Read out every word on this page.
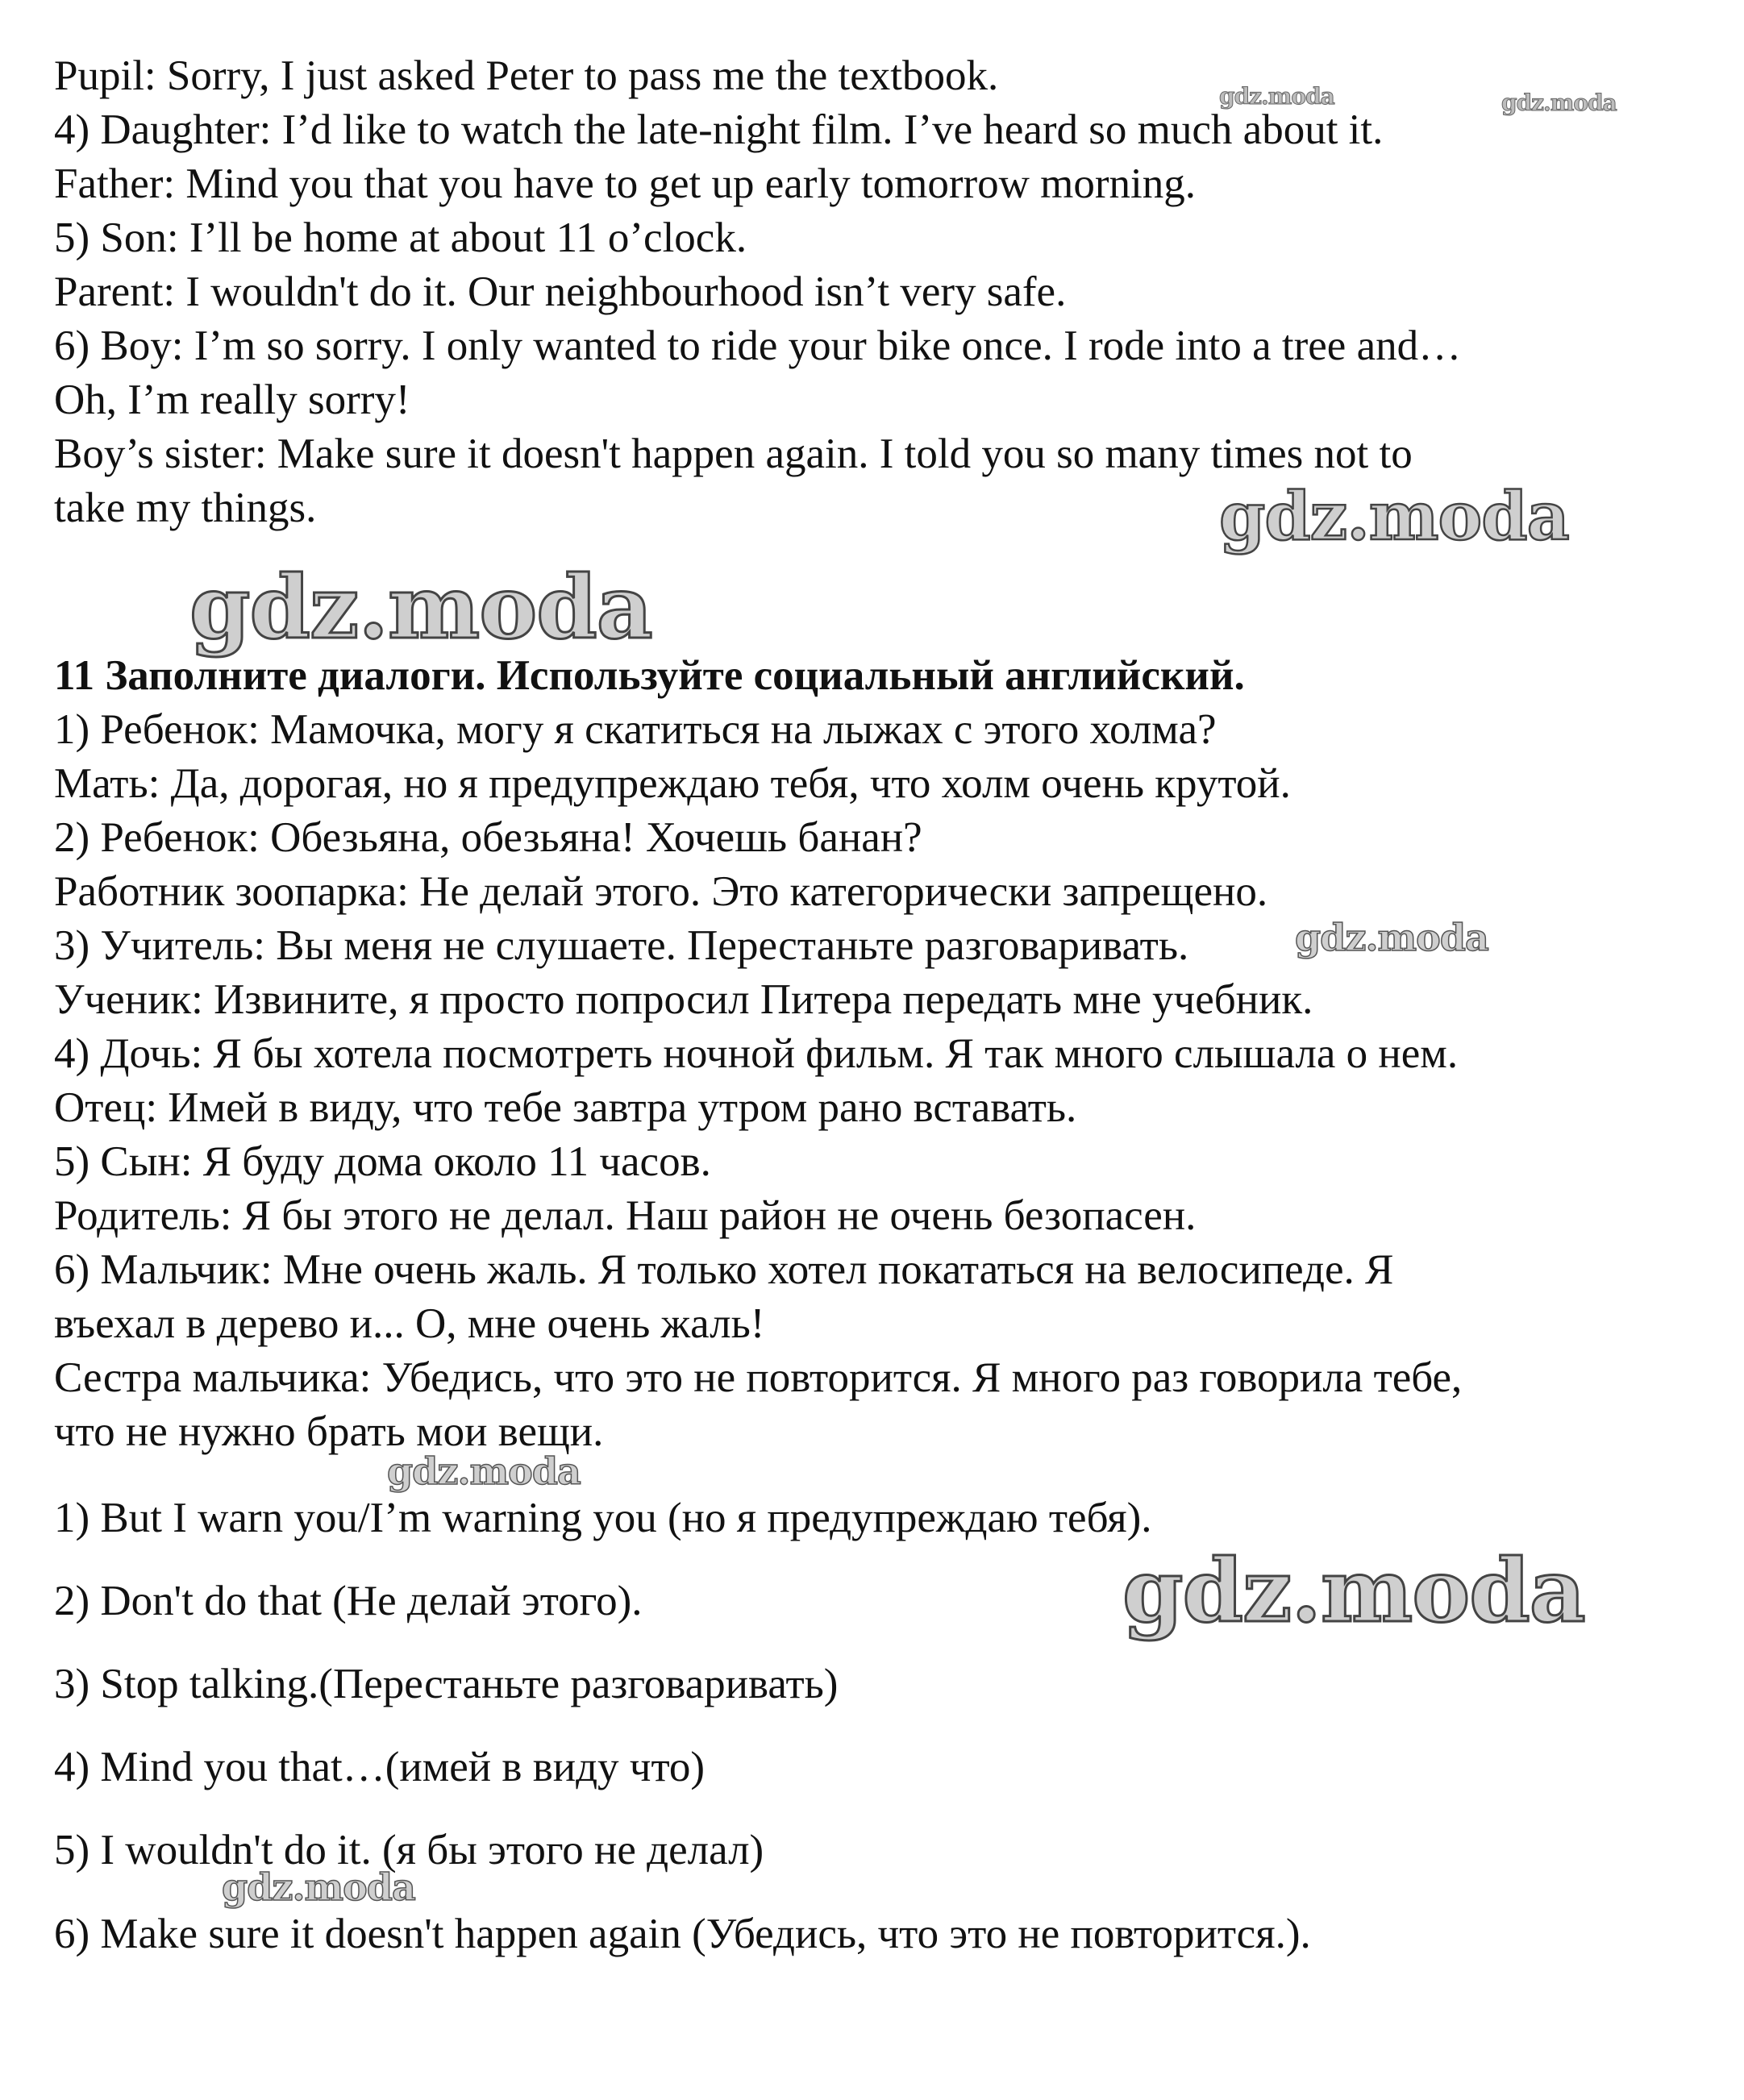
Pupil: Sorry, I just asked Peter to pass me the textbook.
4) Daughter: I’d like to watch the late-night film. I’ve heard so much about it.
Father: Mind you that you have to get up early tomorrow morning.
5) Son: I’ll be home at about 11 o’clock.
Parent: I wouldn't do it. Our neighbourhood isn’t very safe.
6) Boy: I’m so sorry. I only wanted to ride your bike once. I rode into a tree and…
Oh, I’m really sorry!
Boy’s sister: Make sure it doesn't happen again. I told you so many times not to
take my things.
11 Заполните диалоги. Используйте социальный английский.
1) Ребенок: Мамочка, могу я скатиться на лыжах с этого холма?
Мать: Да, дорогая, но я предупреждаю тебя, что холм очень крутой.
2) Ребенок: Обезьяна, обезьяна! Хочешь банан?
Работник зоопарка: Не делай этого. Это категорически запрещено.
3) Учитель: Вы меня не слушаете. Перестаньте разговаривать.
Ученик: Извините, я просто попросил Питера передать мне учебник.
4) Дочь: Я бы хотела посмотреть ночной фильм. Я так много слышала о нем.
Отец: Имей в виду, что тебе завтра утром рано вставать.
5) Сын: Я буду дома около 11 часов.
Родитель: Я бы этого не делал. Наш район не очень безопасен.
6) Мальчик: Мне очень жаль. Я только хотел покататься на велосипеде. Я
въехал в дерево и... О, мне очень жаль!
Сестра мальчика: Убедись, что это не повторится. Я много раз говорила тебе,
что не нужно брать мои вещи.
1) But I warn you/I’m warning you (но я предупреждаю тебя).
2) Don't do that (Не делай этого).
3) Stop talking.(Перестаньте разговаривать)
4) Mind you that…(имей в виду что)
5) I wouldn't do it. (я бы этого не делал)
6) Make sure it doesn't happen again (Убедись, что это не повторится.).
gdz.moda	gdz.moda
gdz.moda
gdz.moda
gdz.moda
gdz.moda
gdz.moda
gdz.moda
